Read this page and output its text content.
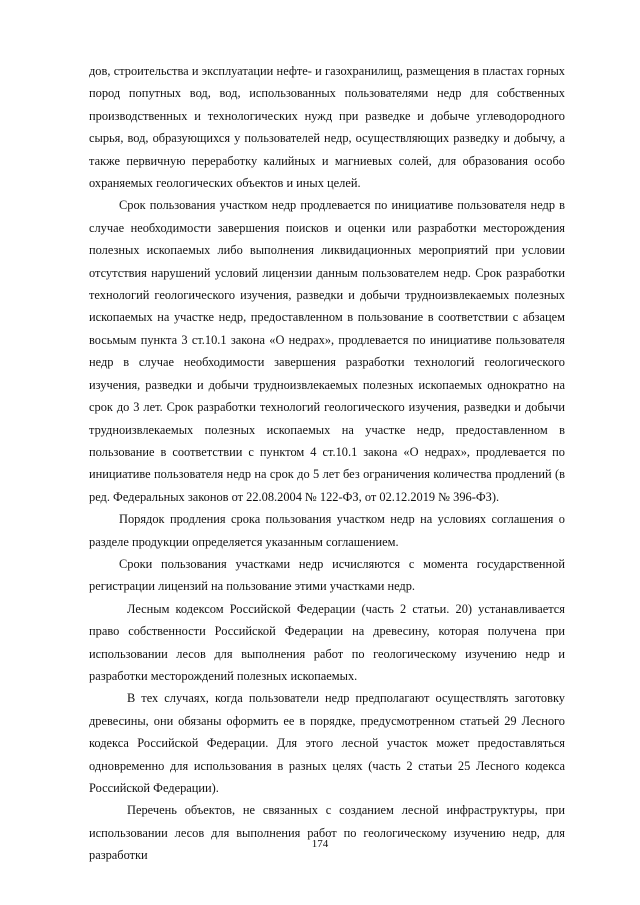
дов, строительства и эксплуатации нефте- и газохранилищ, размещения в пластах горных пород попутных вод, вод, использованных пользователями недр для собственных производственных и технологических нужд при разведке и добыче углеводородного сырья, вод, образующихся у пользователей недр, осуществляющих разведку и добычу, а также первичную переработку калийных и магниевых солей, для образования особо охраняемых геологических объектов и иных целей.

Срок пользования участком недр продлевается по инициативе пользователя недр в случае необходимости завершения поисков и оценки или разработки месторождения полезных ископаемых либо выполнения ликвидационных мероприятий при условии отсутствия нарушений условий лицензии данным пользователем недр. Срок разработки технологий геологического изучения, разведки и добычи трудноизвлекаемых полезных ископаемых на участке недр, предоставленном в пользование в соответствии с абзацем восьмым пункта 3 ст.10.1 закона «О недрах», продлевается по инициативе пользователя недр в случае необходимости завершения разработки технологий геологического изучения, разведки и добычи трудноизвлекаемых полезных ископаемых однократно на срок до 3 лет. Срок разработки технологий геологического изучения, разведки и добычи трудноизвлекаемых полезных ископаемых на участке недр, предоставленном в пользование в соответствии с пунктом 4 ст.10.1 закона «О недрах», продлевается по инициативе пользователя недр на срок до 5 лет без ограничения количества продлений (в ред. Федеральных законов от 22.08.2004 № 122-ФЗ, от 02.12.2019 № 396-ФЗ).

Порядок продления срока пользования участком недр на условиях соглашения о разделе продукции определяется указанным соглашением.

Сроки пользования участками недр исчисляются с момента государственной регистрации лицензий на пользование этими участками недр.

Лесным кодексом Российской Федерации (часть 2 статьи. 20) устанавливается право собственности Российской Федерации на древесину, которая получена при использовании лесов для выполнения работ по геологическому изучению недр и разработки месторождений полезных ископаемых.

В тех случаях, когда пользователи недр предполагают осуществлять заготовку древесины, они обязаны оформить ее в порядке, предусмотренном статьей 29 Лесного кодекса Российской Федерации. Для этого лесной участок может предоставляться одновременно для использования в разных целях (часть 2 статьи 25 Лесного кодекса Российской Федерации).

Перечень объектов, не связанных с созданием лесной инфраструктуры, при использовании лесов для выполнения работ по геологическому изучению недр, для разработки

174
